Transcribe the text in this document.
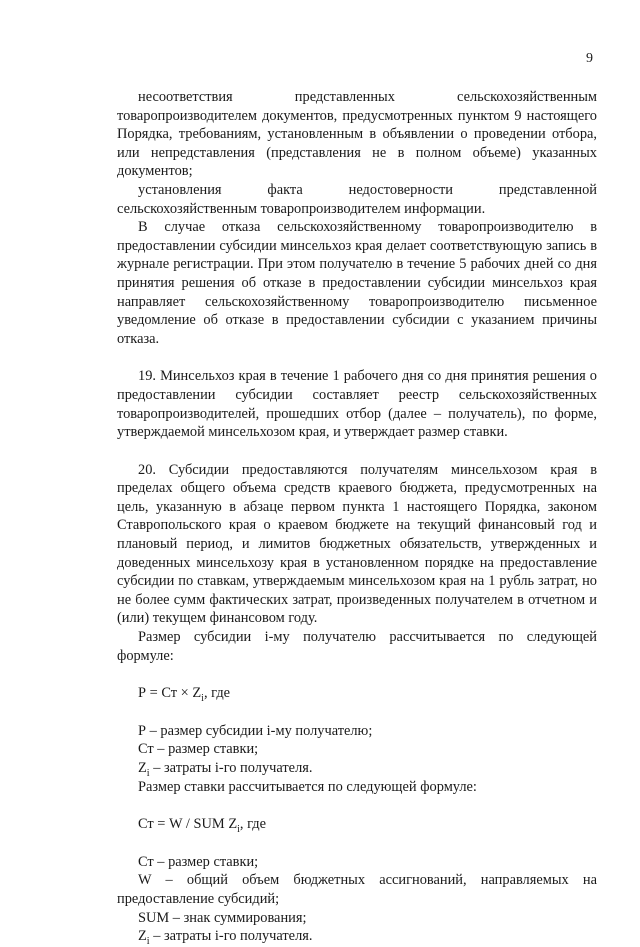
9

несоответствия представленных сельскохозяйственным товаропроизводителем документов, предусмотренных пунктом 9 настоящего Порядка, требованиям, установленным в объявлении о проведении отбора, или непредставления (представления не в полном объеме) указанных документов;

установления факта недостоверности представленной сельскохозяйственным товаропроизводителем информации.

В случае отказа сельскохозяйственному товаропроизводителю в предоставлении субсидии минсельхоз края делает соответствующую запись в журнале регистрации. При этом получателю в течение 5 рабочих дней со дня принятия решения об отказе в предоставлении субсидии минсельхоз края направляет сельскохозяйственному товаропроизводителю письменное уведомление об отказе в предоставлении субсидии с указанием причины отказа.

19. Минсельхоз края в течение 1 рабочего дня со дня принятия решения о предоставлении субсидии составляет реестр сельскохозяйственных товаропроизводителей, прошедших отбор (далее – получатель), по форме, утверждаемой минсельхозом края, и утверждает размер ставки.

20. Субсидии предоставляются получателям минсельхозом края в пределах общего объема средств краевого бюджета, предусмотренных на цель, указанную в абзаце первом пункта 1 настоящего Порядка, законом Ставропольского края о краевом бюджете на текущий финансовый год и плановый период, и лимитов бюджетных обязательств, утвержденных и доведенных минсельхозу края в установленном порядке на предоставление субсидии по ставкам, утверждаемым минсельхозом края на 1 рубль затрат, но не более сумм фактических затрат, произведенных получателем в отчетном и (или) текущем финансовом году.

Размер субсидии i-му получателю рассчитывается по следующей формуле:

Р = Ст × $Z_i$, где

Р – размер субсидии i-му получателю;

Ст – размер ставки;

$Z_i$ – затраты i-го получателя.

Размер ставки рассчитывается по следующей формуле:

Ст = W / SUM $Z_i$, где

Ст – размер ставки;

W – общий объем бюджетных ассигнований, направляемых на предоставление субсидий;

SUM – знак суммирования;

$Z_i$ – затраты i-го получателя.
